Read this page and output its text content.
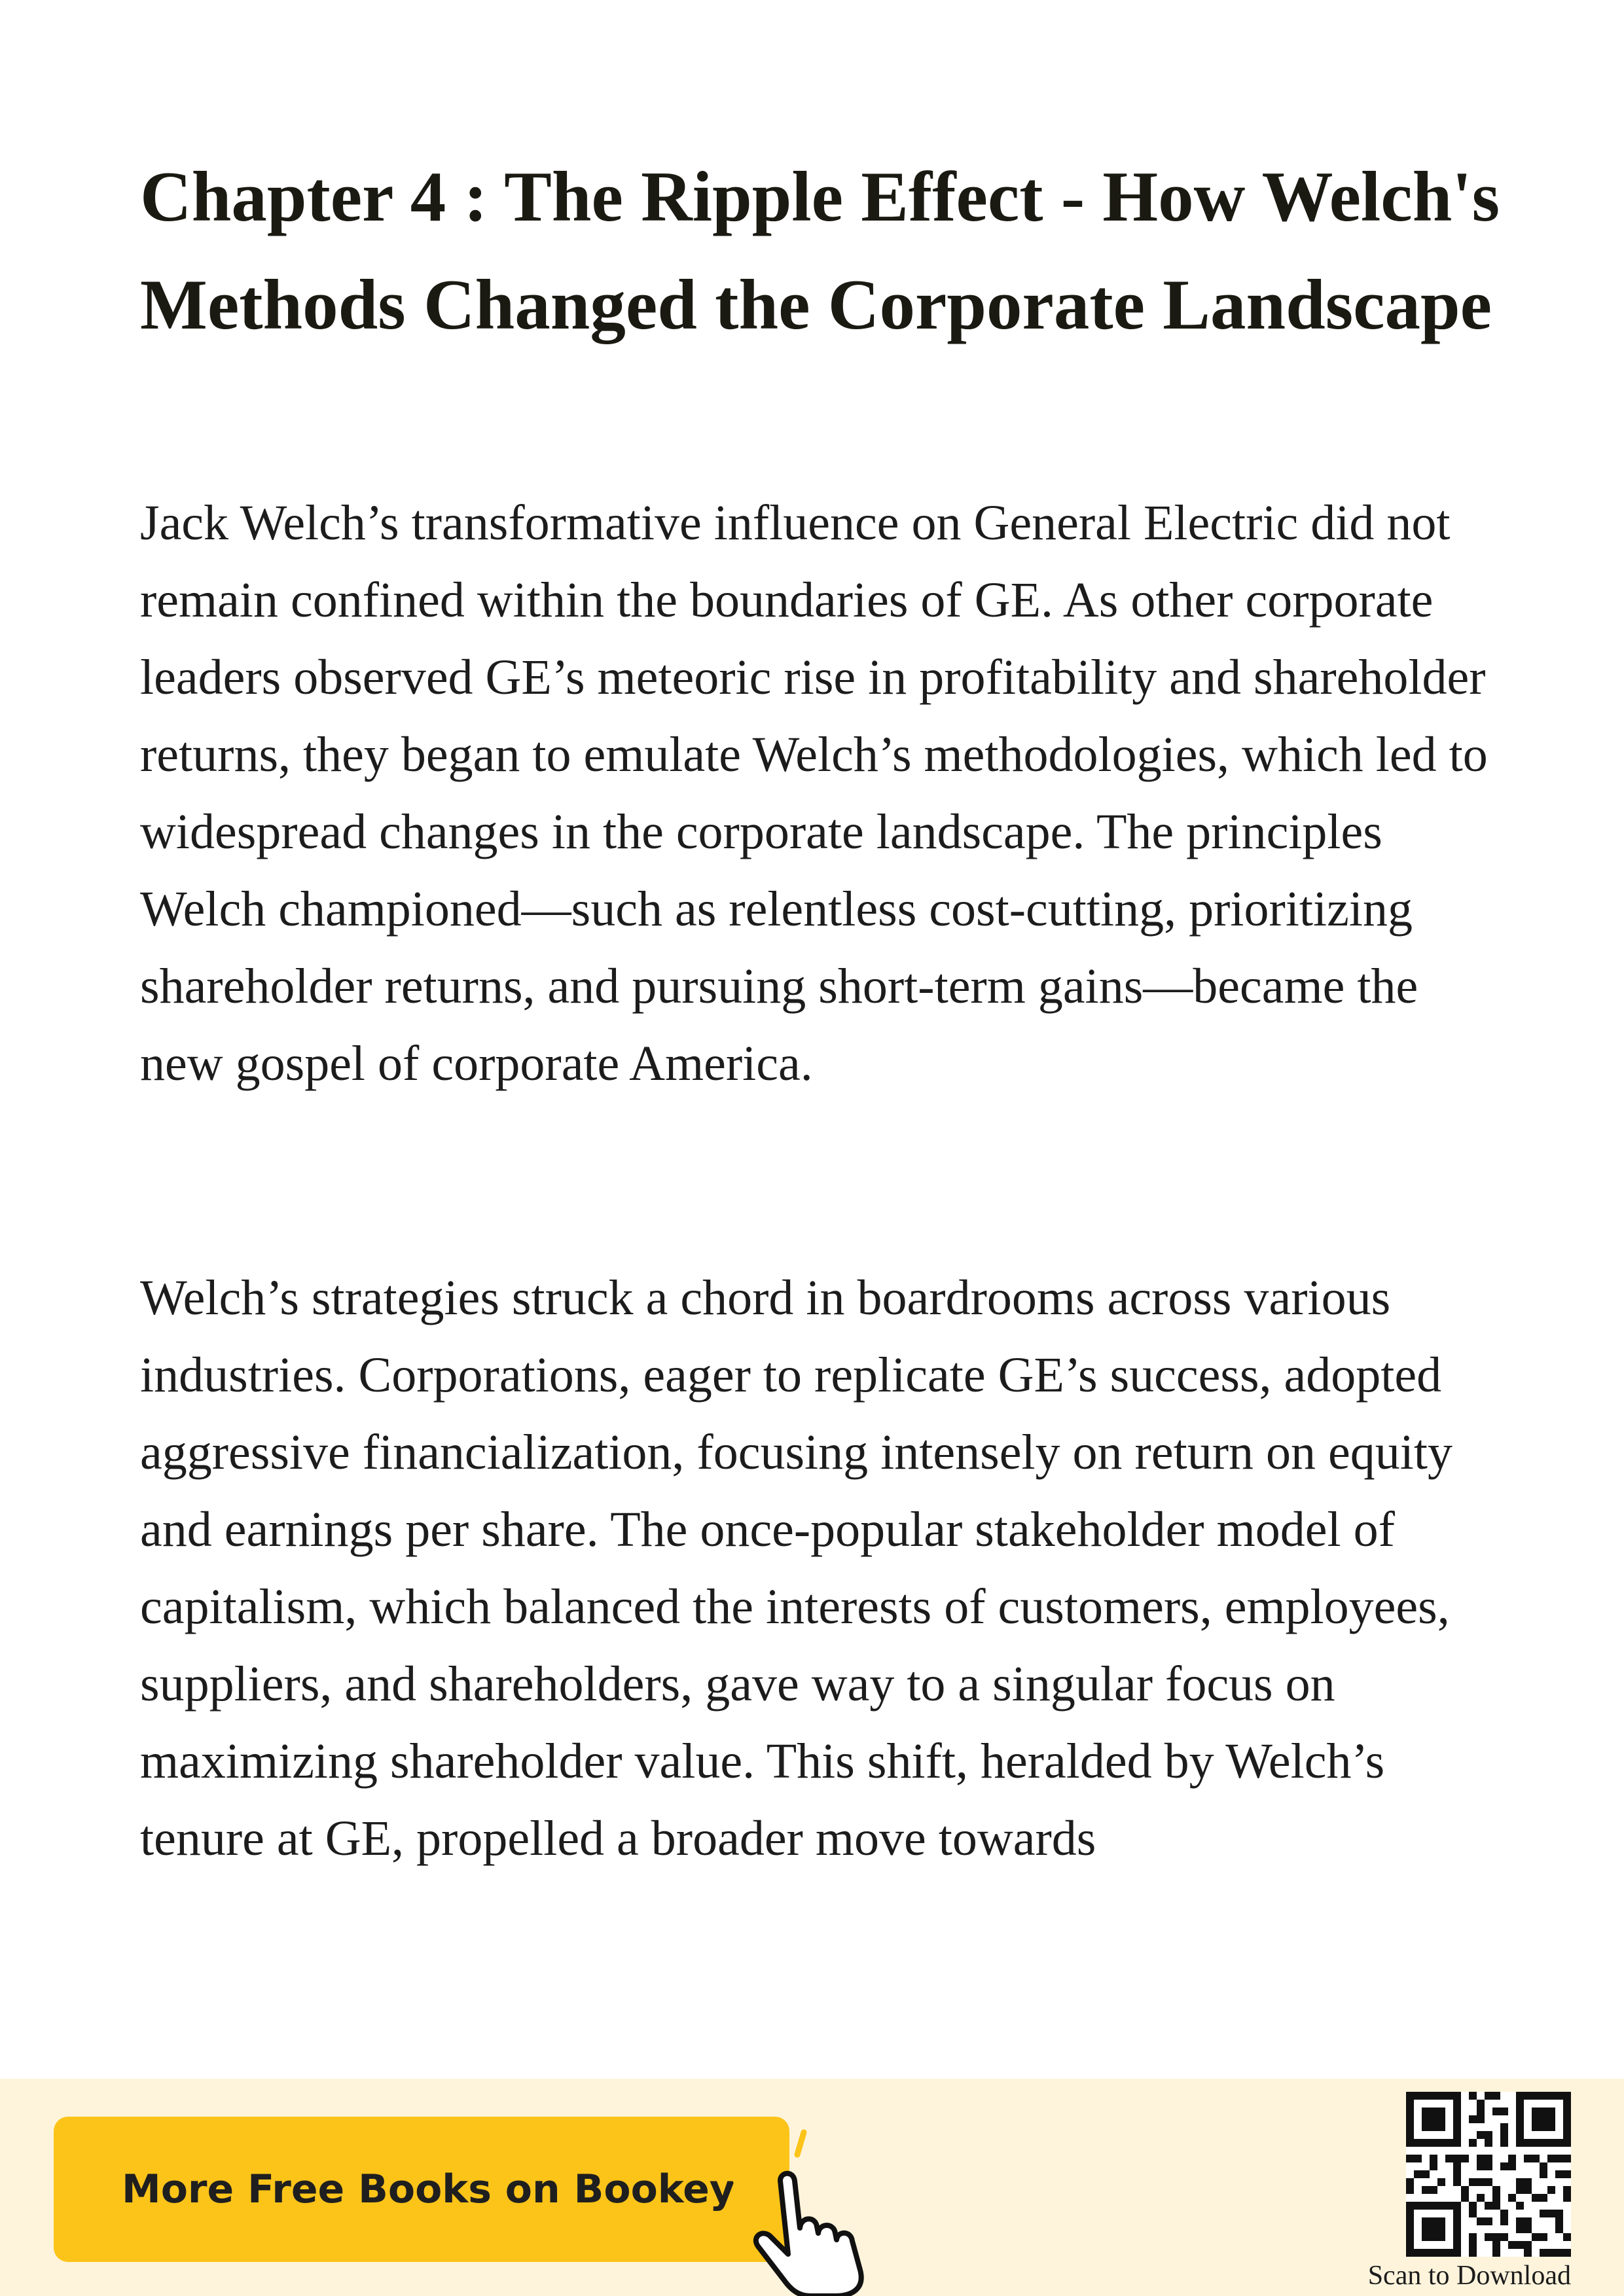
Chapter 4 : The Ripple Effect - How Welch's Methods Changed the Corporate Landscape

Jack Welch’s transformative influence on General Electric did not remain confined within the boundaries of GE. As other corporate leaders observed GE’s meteoric rise in profitability and shareholder returns, they began to emulate Welch’s methodologies, which led to widespread changes in the corporate landscape. The principles Welch championed—such as relentless cost-cutting, prioritizing shareholder returns, and pursuing short-term gains—became the new gospel of corporate America.

Welch’s strategies struck a chord in boardrooms across various industries. Corporations, eager to replicate GE’s success, adopted aggressive financialization, focusing intensely on return on equity and earnings per share. The once-popular stakeholder model of capitalism, which balanced the interests of customers, employees, suppliers, and shareholders, gave way to a singular focus on maximizing shareholder value. This shift, heralded by Welch’s tenure at GE, propelled a broader move towards

More Free Books on Bookey
Scan to Download
